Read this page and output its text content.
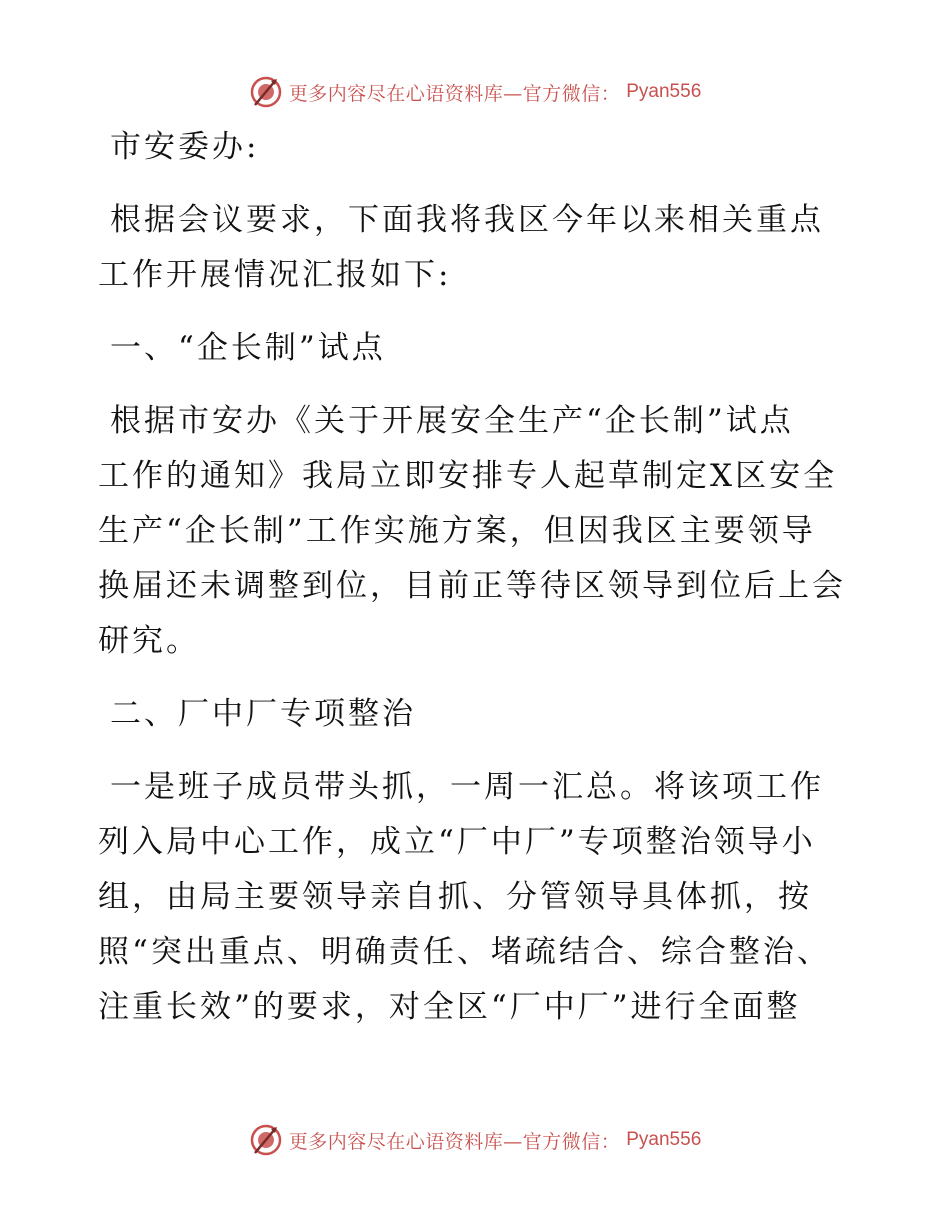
更多内容尽在心语资料库—官方微信： Pyan556
市安委办:
根据会议要求，下面我将我区今年以来相关重点
工作开展情况汇报如下:
一、“企长制”试点
根据市安办《关于开展安全生产“企长制”试点
工作的通知》我局立即安排专人起草制定X区安全
生产“企长制”工作实施方案，但因我区主要领导
换届还未调整到位，目前正等待区领导到位后上会
研究。
二、厂中厂专项整治
一是班子成员带头抓，一周一汇总。将该项工作
列入局中心工作，成立“厂中厂”专项整治领导小
组，由局主要领导亲自抓、分管领导具体抓，按
照“突出重点、明确责任、堵疏结合、综合整治、
注重长效”的要求，对全区“厂中厂”进行全面整
更多内容尽在心语资料库—官方微信： Pyan556
